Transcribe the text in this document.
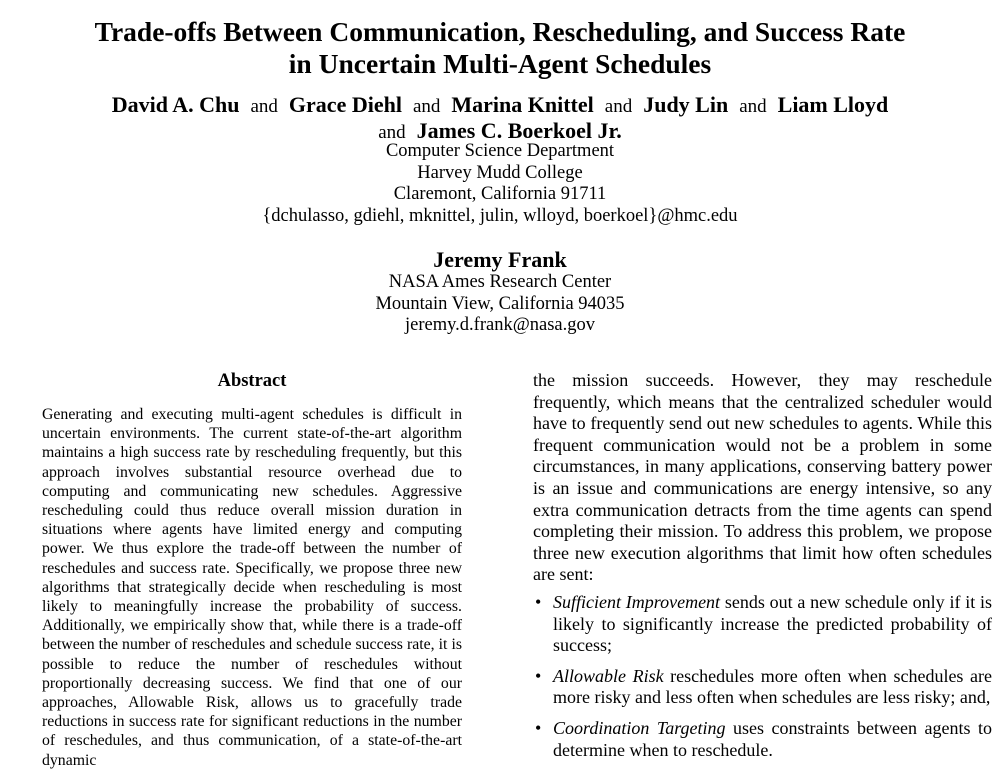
Trade-offs Between Communication, Rescheduling, and Success Rate
in Uncertain Multi-Agent Schedules
David A. Chu and Grace Diehl and Marina Knittel and Judy Lin and Liam Lloyd
and James C. Boerkoel Jr.
Computer Science Department
Harvey Mudd College
Claremont, California 91711
{dchulasso, gdiehl, mknittel, julin, wlloyd, boerkoel}@hmc.edu
Jeremy Frank
NASA Ames Research Center
Mountain View, California 94035
jeremy.d.frank@nasa.gov
Abstract

Generating and executing multi-agent schedules is difficult in uncertain environments. The current state-of-the-art algorithm maintains a high success rate by rescheduling frequently, but this approach involves substantial resource overhead due to computing and communicating new schedules. Aggressive rescheduling could thus reduce overall mission duration in situations where agents have limited energy and computing power. We thus explore the trade-off between the number of reschedules and success rate. Specifically, we propose three new algorithms that strategically decide when rescheduling is most likely to meaningfully increase the probability of success. Additionally, we empirically show that, while there is a trade-off between the number of reschedules and schedule success rate, it is possible to reduce the number of reschedules without proportionally decreasing success. We find that one of our approaches, Allowable Risk, allows us to gracefully trade reductions in success rate for significant reductions in the number of reschedules, and thus communication, of a state-of-the-art dynamic

the mission succeeds. However, they may reschedule frequently, which means that the centralized scheduler would have to frequently send out new schedules to agents. While this frequent communication would not be a problem in some circumstances, in many applications, conserving battery power is an issue and communications are energy intensive, so any extra communication detracts from the time agents can spend completing their mission. To address this problem, we propose three new execution algorithms that limit how often schedules are sent:

• Sufficient Improvement sends out a new schedule only if it is likely to significantly increase the predicted probability of success;
• Allowable Risk reschedules more often when schedules are more risky and less often when schedules are less risky; and,
• Coordination Targeting uses constraints between agents to determine when to reschedule.
